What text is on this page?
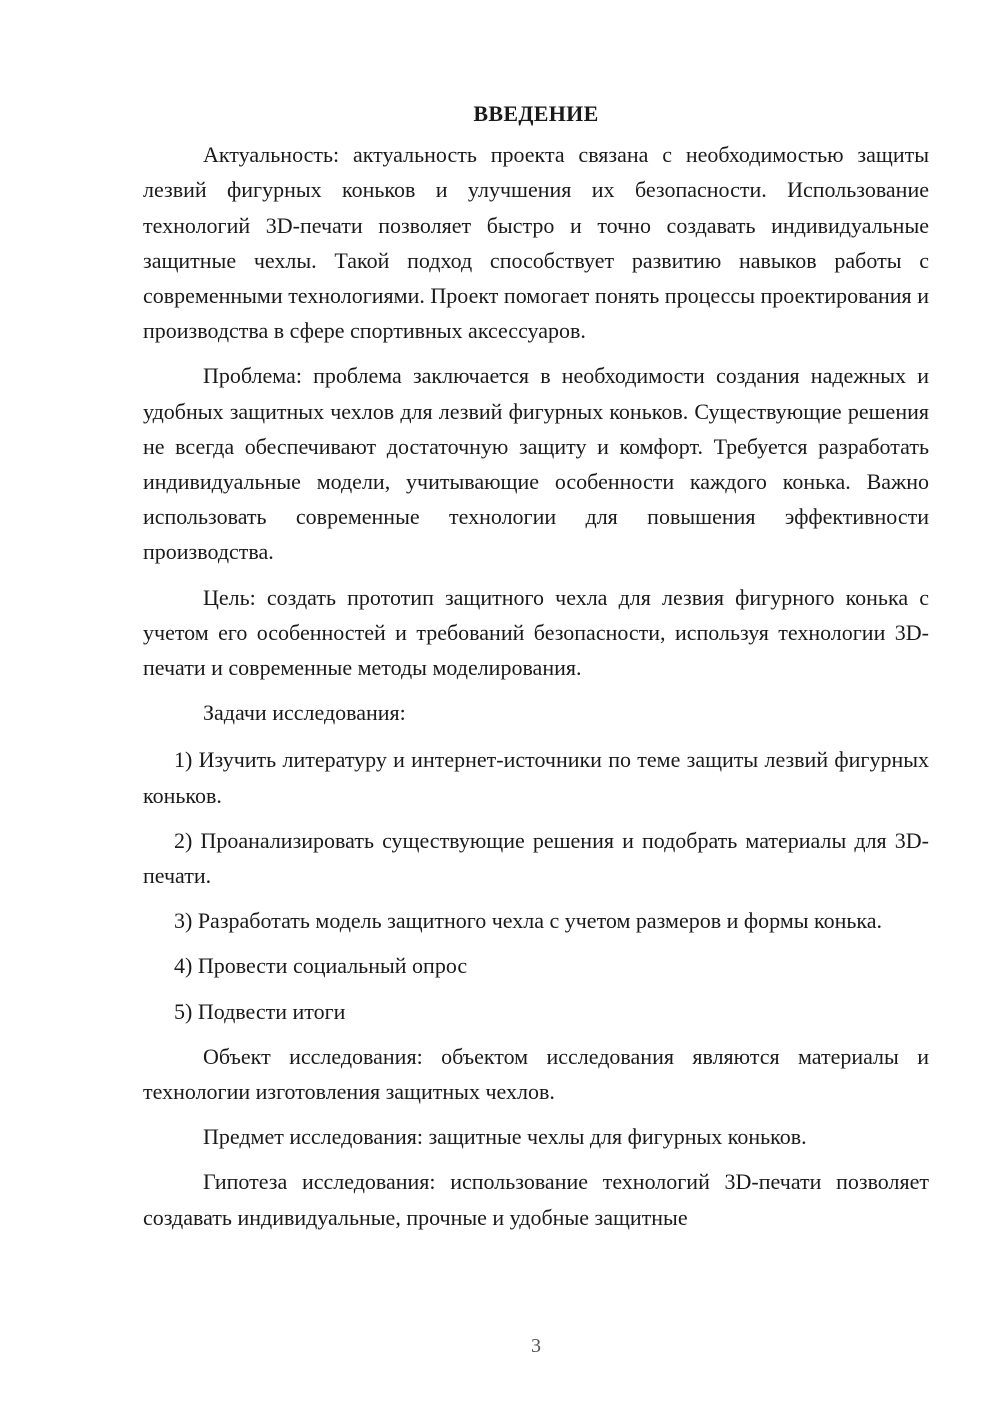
ВВЕДЕНИЕ

Актуальность: актуальность проекта связана с необходимостью защиты лезвий фигурных коньков и улучшения их безопасности. Использование технологий 3D-печати позволяет быстро и точно создавать индивидуальные защитные чехлы. Такой подход способствует развитию навыков работы с современными технологиями. Проект помогает понять процессы проектирования и производства в сфере спортивных аксессуаров.

Проблема: проблема заключается в необходимости создания надежных и удобных защитных чехлов для лезвий фигурных коньков. Существующие решения не всегда обеспечивают достаточную защиту и комфорт. Требуется разработать индивидуальные модели, учитывающие особенности каждого конька. Важно использовать современные технологии для повышения эффективности производства.

Цель: создать прототип защитного чехла для лезвия фигурного конька с учетом его особенностей и требований безопасности, используя технологии 3D-печати и современные методы моделирования.

Задачи исследования:

1) Изучить литературу и интернет-источники по теме защиты лезвий фигурных коньков.

2) Проанализировать существующие решения и подобрать материалы для 3D-печати.

3) Разработать модель защитного чехла с учетом размеров и формы конька.

4) Провести социальный опрос

5) Подвести итоги

Объект исследования: объектом исследования являются материалы и технологии изготовления защитных чехлов.

Предмет исследования: защитные чехлы для фигурных коньков.

Гипотеза исследования: использование технологий 3D-печати позволяет создавать индивидуальные, прочные и удобные защитные

3
